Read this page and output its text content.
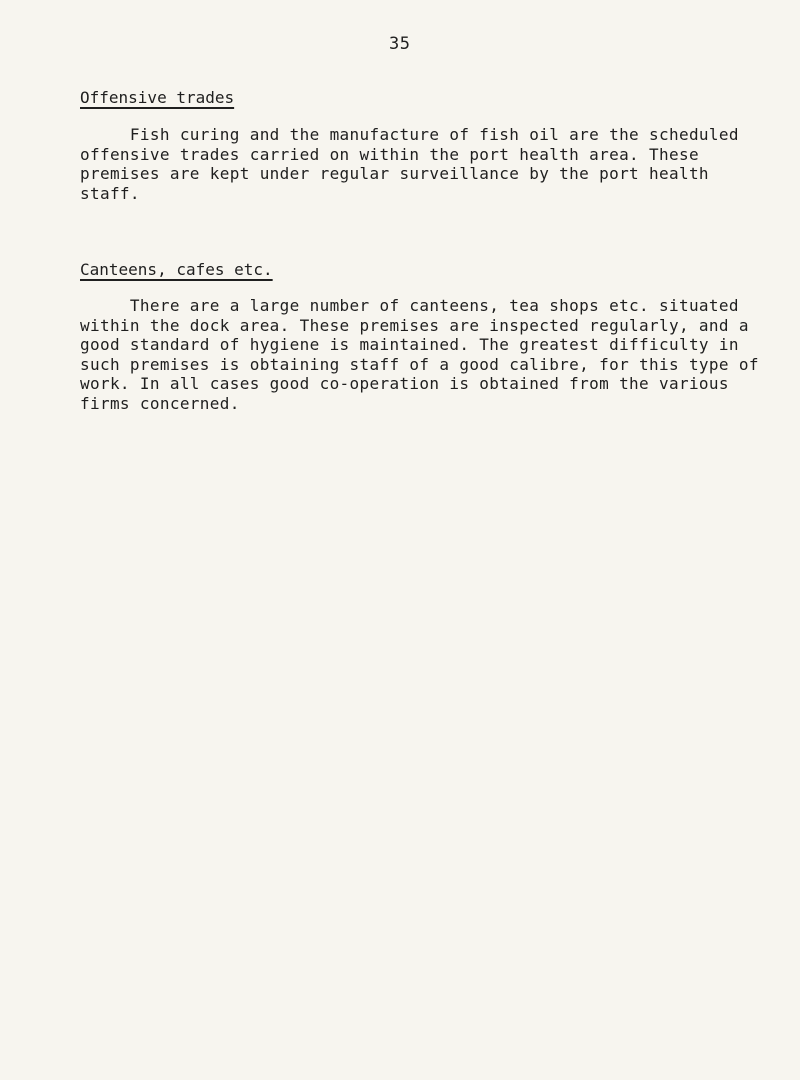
35
Offensive trades
Fish curing and the manufacture of fish oil are the scheduled
offensive trades carried on within the port health area. These
premises are kept under regular surveillance by the port health
staff.
Canteens, cafes etc.
There are a large number of canteens, tea shops etc. situated
within the dock area. These premises are inspected regularly, and a
good standard of hygiene is maintained. The greatest difficulty in
such premises is obtaining staff of a good calibre, for this type of
work. In all cases good co-operation is obtained from the various
firms concerned.
